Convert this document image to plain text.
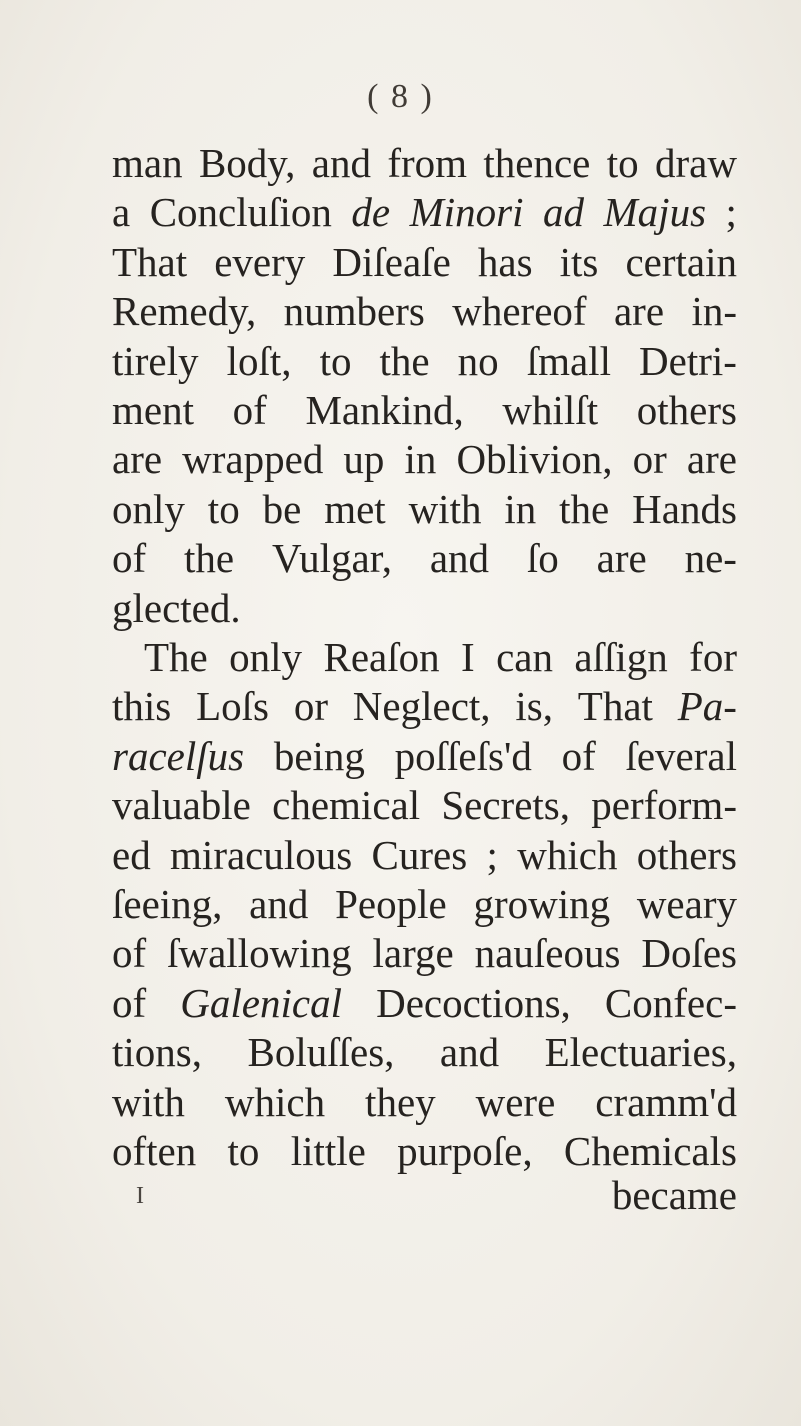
( 8 )
man Body, and from thence to draw
a Concluſion de Minori ad Majus ;
That every Diſeaſe has its certain
Remedy, numbers whereof are in-
tirely loſt, to the no ſmall Detri-
ment of Mankind, whilſt others
are wrapped up in Oblivion, or are
only to be met with in the Hands
of the Vulgar, and ſo are ne-
glected.
The only Reaſon I can aſſign for
this Loſs or Neglect, is, That Pa-
racelſus being poſſeſs'd of ſeveral
valuable chemical Secrets, perform-
ed miraculous Cures ; which others
ſeeing, and People growing weary
of ſwallowing large nauſeous Doſes
of Galenical Decoctions, Confec-
tions, Boluſſes, and Electuaries,
with which they were cramm'd
often to little purpoſe, Chemicals
I	became
